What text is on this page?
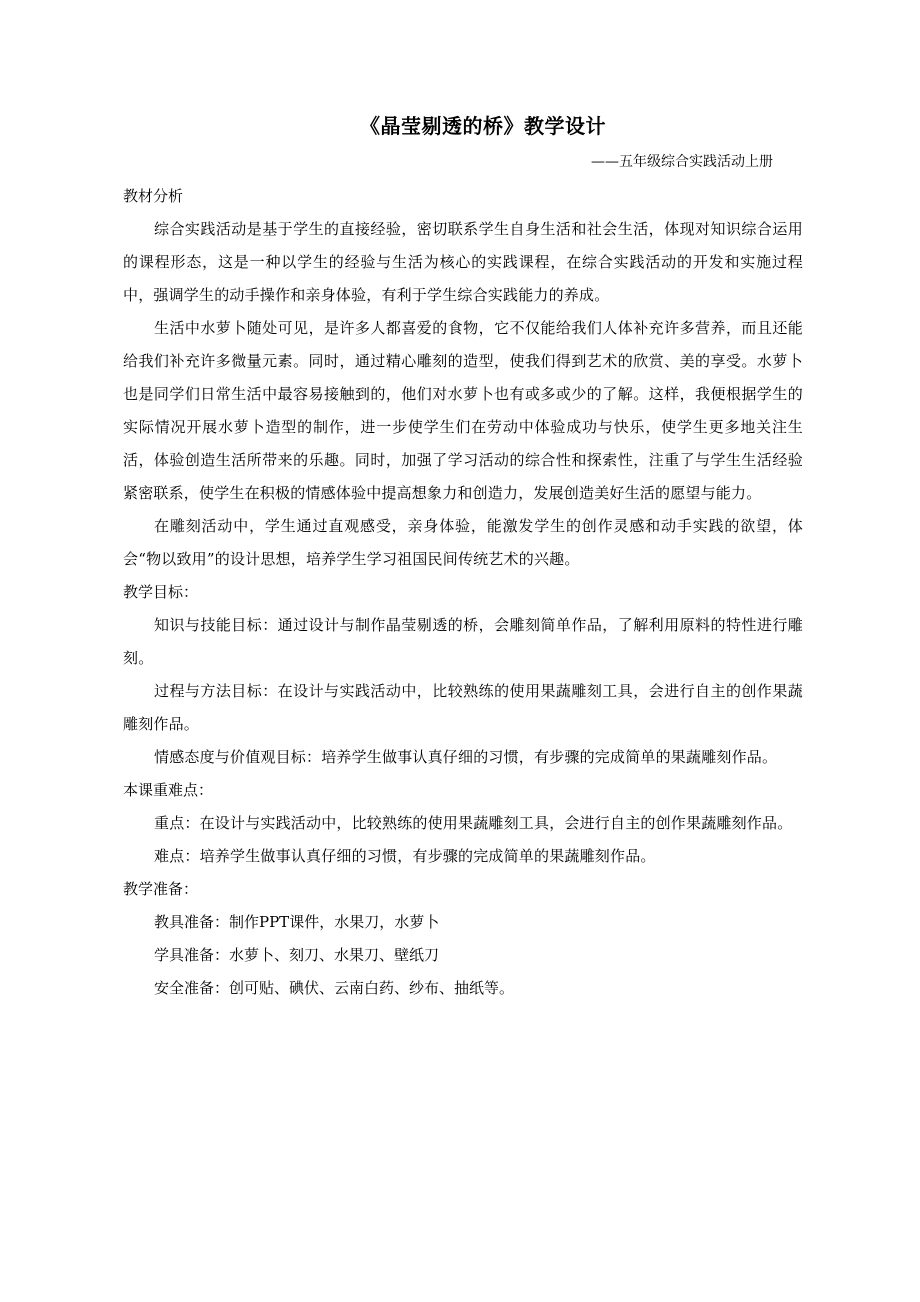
《晶莹剔透的桥》教学设计
——五年级综合实践活动上册

教材分析

综合实践活动是基于学生的直接经验，密切联系学生自身生活和社会生活，体现对知识综合运用的课程形态，这是一种以学生的经验与生活为核心的实践课程，在综合实践活动的开发和实施过程中，强调学生的动手操作和亲身体验，有利于学生综合实践能力的养成。

生活中水萝卜随处可见，是许多人都喜爱的食物，它不仅能给我们人体补充许多营养，而且还能给我们补充许多微量元素。同时，通过精心雕刻的造型，使我们得到艺术的欣赏、美的享受。水萝卜也是同学们日常生活中最容易接触到的，他们对水萝卜也有或多或少的了解。这样，我便根据学生的实际情况开展水萝卜造型的制作，进一步使学生们在劳动中体验成功与快乐，使学生更多地关注生活，体验创造生活所带来的乐趣。同时，加强了学习活动的综合性和探索性，注重了与学生生活经验紧密联系，使学生在积极的情感体验中提高想象力和创造力，发展创造美好生活的愿望与能力。

在雕刻活动中，学生通过直观感受，亲身体验，能激发学生的创作灵感和动手实践的欲望，体会“物以致用”的设计思想，培养学生学习祖国民间传统艺术的兴趣。

教学目标：

知识与技能目标：通过设计与制作晶莹剔透的桥，会雕刻简单作品，了解利用原料的特性进行雕刻。

过程与方法目标：在设计与实践活动中，比较熟练的使用果蔬雕刻工具，会进行自主的创作果蔬雕刻作品。

情感态度与价值观目标：培养学生做事认真仔细的习惯，有步骤的完成简单的果蔬雕刻作品。

本课重难点：

重点：在设计与实践活动中，比较熟练的使用果蔬雕刻工具，会进行自主的创作果蔬雕刻作品。

难点：培养学生做事认真仔细的习惯，有步骤的完成简单的果蔬雕刻作品。

教学准备：

教具准备：制作PPT课件，水果刀，水萝卜

学具准备：水萝卜、刻刀、水果刀、壁纸刀

安全准备：创可贴、碘伏、云南白药、纱布、抽纸等。
